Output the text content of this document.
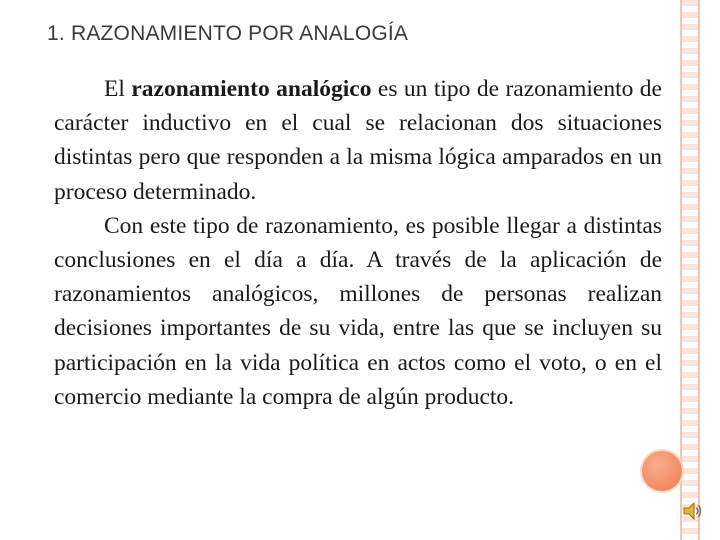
1. RAZONAMIENTO POR ANALOGÍA

El razonamiento analógico es un tipo de razonamiento de carácter inductivo en el cual se relacionan dos situaciones distintas pero que responden a la misma lógica amparados en un proceso determinado.

Con este tipo de razonamiento, es posible llegar a distintas conclusiones en el día a día. A través de la aplicación de razonamientos analógicos, millones de personas realizan decisiones importantes de su vida, entre las que se incluyen su participación en la vida política en actos como el voto, o en el comercio mediante la compra de algún producto.
